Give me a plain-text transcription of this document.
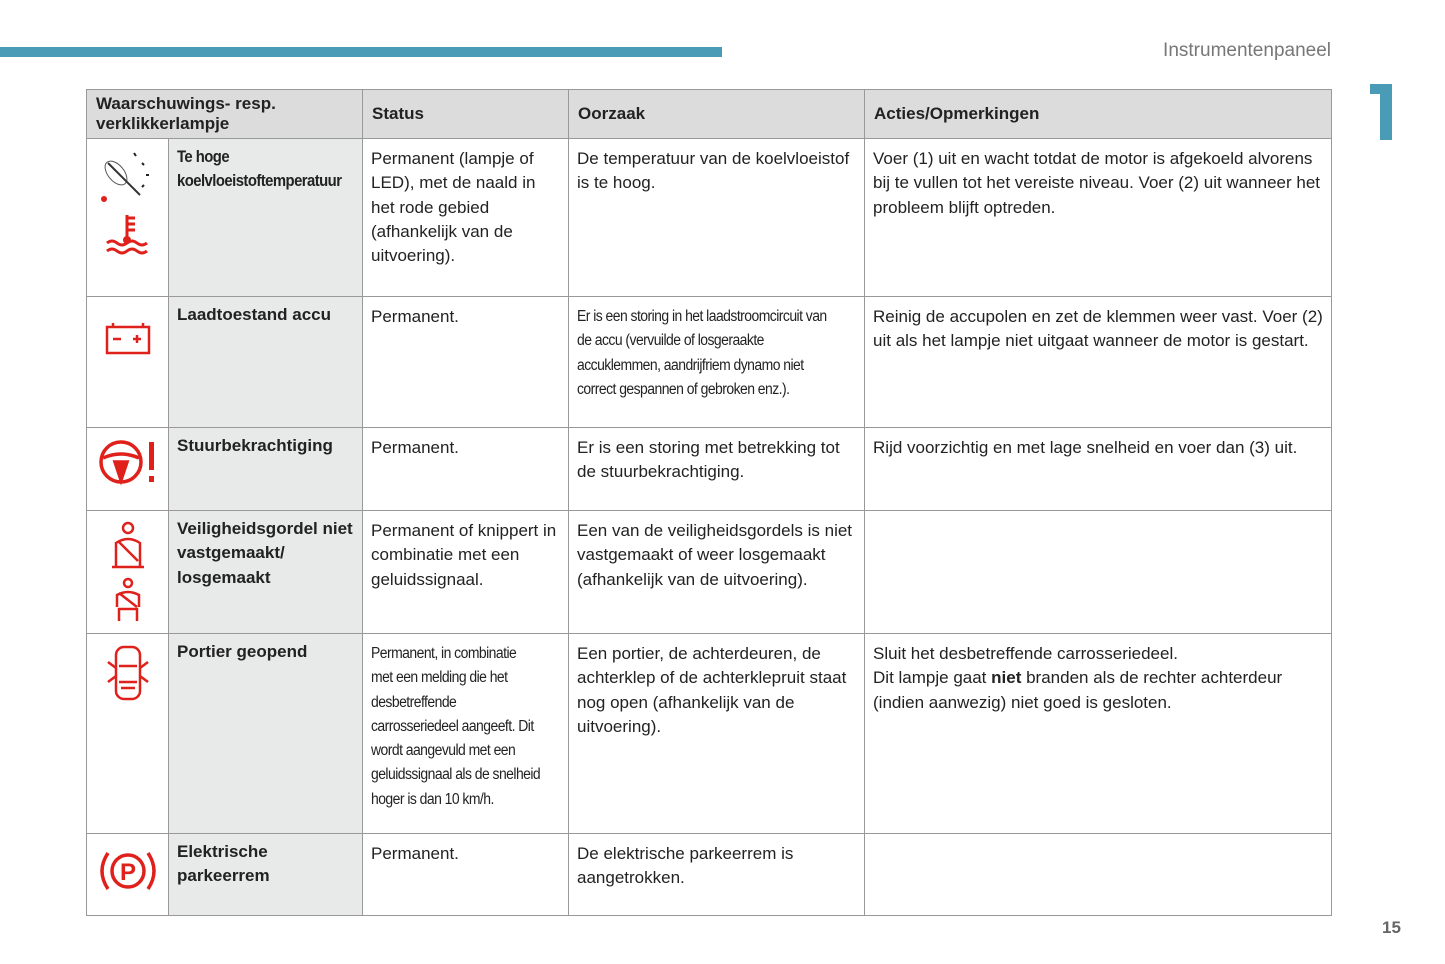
Instrumentenpaneel
15
Waarschuwings- resp. verklikkerlampje		Status	Oorzaak	Acties/Opmerkingen

Te hoge koelvloeistoftemperatuur	Permanent (lampje of LED), met de naald in het rode gebied (afhankelijk van de uitvoering).	De temperatuur van de koelvloeistof is te hoog.	Voer (1) uit en wacht totdat de motor is afgekoeld alvorens bij te vullen tot het vereiste niveau. Voer (2) uit wanneer het probleem blijft optreden.

	Laadtoestand accu	Permanent.	Er is een storing in het laadstroomcircuit van de accu (vervuilde of losgeraakte accuklemmen, aandrijfriem dynamo niet correct gespannen of gebroken enz.).	Reinig de accupolen en zet de klemmen weer vast. Voer (2) uit als het lampje niet uitgaat wanneer de motor is gestart.

	Stuurbekrachtiging	Permanent.	Er is een storing met betrekking tot de stuurbekrachtiging.	Rijd voorzichtig en met lage snelheid en voer dan (3) uit.

	Veiligheidsgordel niet vastgemaakt/ losgemaakt	Permanent of knippert in combinatie met een geluidssignaal.	Een van de veiligheidsgordels is niet vastgemaakt of weer losgemaakt (afhankelijk van de uitvoering).	

	Portier geopend	Permanent, in combinatie met een melding die het desbetreffende carrosseriedeel aangeeft. Dit wordt aangevuld met een geluidssignaal als de snelheid hoger is dan 10 km/h.	Een portier, de achterdeuren, de achterklep of de achterklepruit staat nog open (afhankelijk van de uitvoering).	Sluit het desbetreffende carrosseriedeel.
Dit lampje gaat niet branden als de rechter achterdeur (indien aanwezig) niet goed is gesloten.

P	Elektrische parkeerrem	Permanent.	De elektrische parkeerrem is aangetrokken.	
